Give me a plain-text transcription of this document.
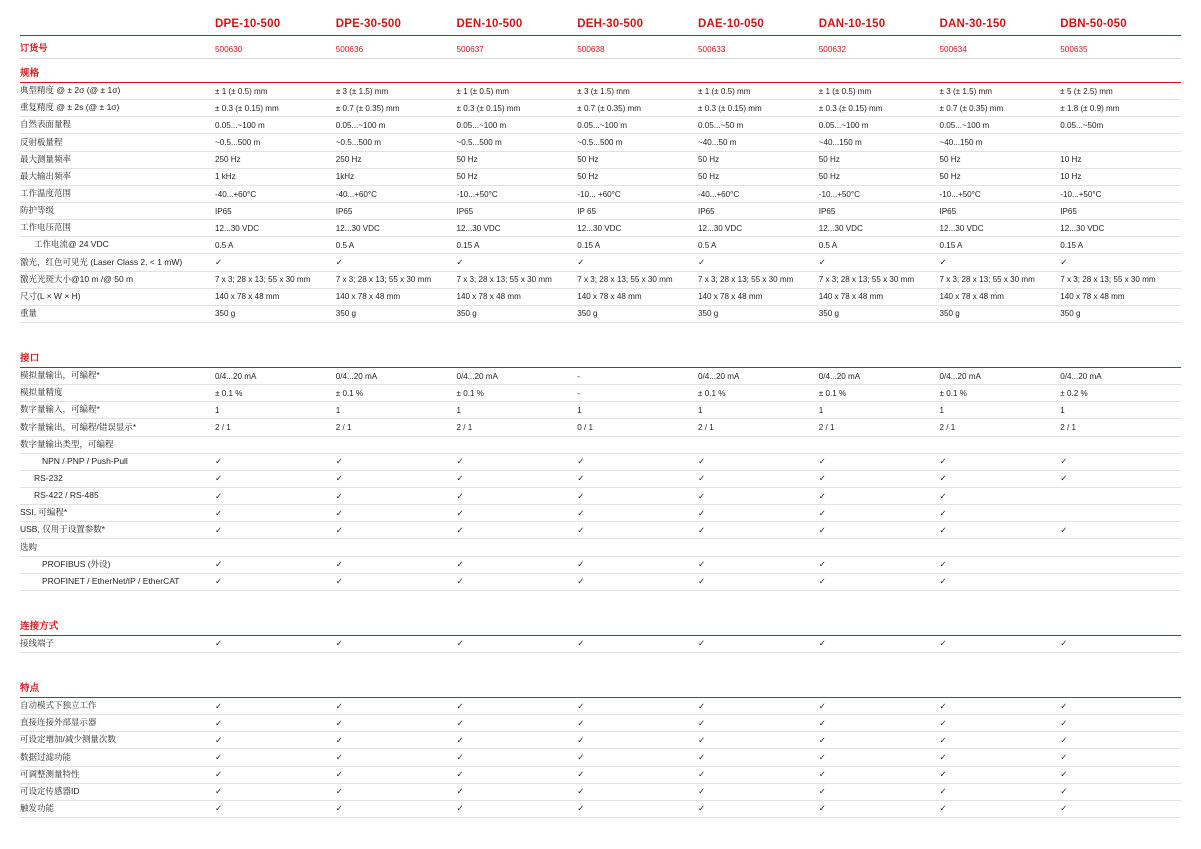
	DPE-10-500	DPE-30-500	DEN-10-500	DEH-30-500	DAE-10-050	DAN-10-150	DAN-30-150	DBN-50-050
订货号	500630	500636	500637	500638	500633	500632	500634	500635
规格								
典型精度 @ ± 2σ (@ ± 1σ)	± 1 (± 0.5) mm	± 3 (± 1.5) mm	± 1 (± 0.5) mm	± 3 (± 1.5) mm	± 1 (± 0.5) mm	± 1 (± 0.5) mm	± 3 (± 1.5) mm	± 5 (± 2.5) mm
重复精度 @ ± 2s (@ ± 1σ)	± 0.3 (± 0.15) mm	± 0.7 (± 0.35) mm	± 0.3 (± 0.15) mm	± 0.7 (± 0.35) mm	± 0.3 (± 0.15) mm	± 0.3 (± 0.15) mm	± 0.7 (± 0.35) mm	± 1.8 (± 0.9) mm
自然表面量程	0.05...~100 m	0.05...~100 m	0.05...~100 m	0.05...~100 m	0.05...~50 m	0.05...~100 m	0.05...~100 m	0.05...~50m
反射板量程	~0.5...500 m	~0.5...500 m	~0.5...500 m	~0.5...500 m	~40...50 m	~40...150 m	~40...150 m	
最大测量频率	250 Hz	250 Hz	50 Hz	50 Hz	50 Hz	50 Hz	50 Hz	10 Hz
最大输出频率	1 kHz	1kHz	50 Hz	50 Hz	50 Hz	50 Hz	50 Hz	10 Hz
工作温度范围	-40...+60°C	-40...+60°C	-10...+50°C	-10... +60°C	-40...+60°C	-10...+50°C	-10...+50°C	-10...+50°C
防护等级	IP65	IP65	IP65	IP 65	IP65	IP65	IP65	IP65
工作电压范围	12...30 VDC	12...30 VDC	12...30 VDC	12...30 VDC	12...30 VDC	12...30 VDC	12...30 VDC	12...30 VDC
工作电流@ 24 VDC	0.5 A	0.5 A	0.15 A	0.15 A	0.5 A	0.5 A	0.15 A	0.15 A
激光，红色可见光 (Laser Class 2, < 1 mW)	✓	✓	✓	✓	✓	✓	✓	✓
激光光斑大小@10 m /@ 50 m	7 x 3; 28 x 13; 55 x 30 mm	7 x 3; 28 x 13; 55 x 30 mm	7 x 3; 28 x 13; 55 x 30 mm	7 x 3; 28 x 13; 55 x 30 mm	7 x 3; 28 x 13; 55 x 30 mm	7 x 3; 28 x 13; 55 x 30 mm	7 x 3; 28 x 13; 55 x 30 mm	7 x 3; 28 x 13; 55 x 30 mm
尺寸(L × W × H)	140 x 78 x 48 mm	140 x 78 x 48 mm	140 x 78 x 48 mm	140 x 78 x 48 mm	140 x 78 x 48 mm	140 x 78 x 48 mm	140 x 78 x 48 mm	140 x 78 x 48 mm
重量	350 g	350 g	350 g	350 g	350 g	350 g	350 g	350 g

接口								
模拟量输出，可编程*	0/4...20 mA	0/4...20 mA	0/4...20 mA	-	0/4...20 mA	0/4...20 mA	0/4...20 mA	0/4...20 mA
模拟量精度	± 0.1 %	± 0.1 %	± 0.1 %	-	± 0.1 %	± 0.1 %	± 0.1 %	± 0.2 %
数字量输入，可编程*	1	1	1	1	1	1	1	1
数字量输出，可编程/错误显示*	2 / 1	2 / 1	2 / 1	0 / 1	2 / 1	2 / 1	2 / 1	2 / 1
数字量输出类型，可编程								
NPN / PNP / Push-Pull	✓	✓	✓	✓	✓	✓	✓	✓
RS-232	✓	✓	✓	✓	✓	✓	✓	✓
RS-422 / RS-485	✓	✓	✓	✓	✓	✓	✓	
SSI, 可编程*	✓	✓	✓	✓	✓	✓	✓	
USB, 仅用于设置参数*	✓	✓	✓	✓	✓	✓	✓	✓
选购								
PROFIBUS (外设)	✓	✓	✓	✓	✓	✓	✓	
PROFINET / EtherNet/IP / EtherCAT	✓	✓	✓	✓	✓	✓	✓	

连接方式								
接线端子	✓	✓	✓	✓	✓	✓	✓	✓

特点								
自动模式下独立工作	✓	✓	✓	✓	✓	✓	✓	✓
直接连接外部显示器	✓	✓	✓	✓	✓	✓	✓	✓
可设定增加/减少测量次数	✓	✓	✓	✓	✓	✓	✓	✓
数据过滤功能	✓	✓	✓	✓	✓	✓	✓	✓
可调整测量特性	✓	✓	✓	✓	✓	✓	✓	✓
可设定传感器ID	✓	✓	✓	✓	✓	✓	✓	✓
触发功能	✓	✓	✓	✓	✓	✓	✓	✓
